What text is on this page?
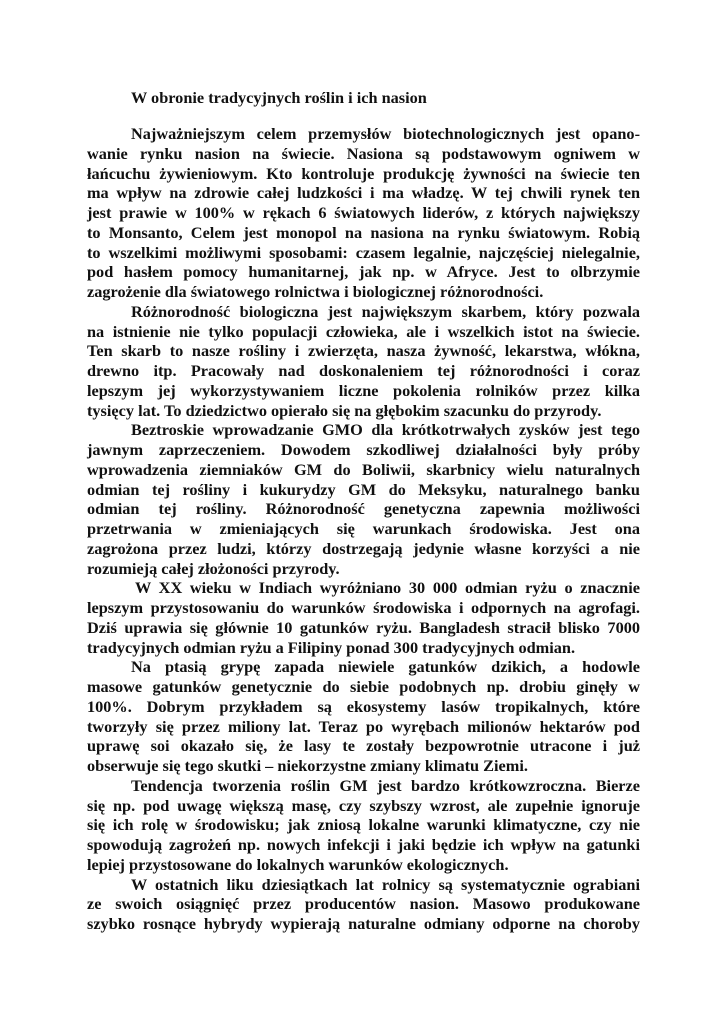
W obronie tradycyjnych roślin i ich nasion

Najważniejszym celem przemysłów biotechnologicznych jest opano-
wanie rynku nasion na świecie. Nasiona są podstawowym ogniwem w
łańcuchu żywieniowym. Kto kontroluje produkcję żywności na świecie ten
ma wpływ na zdrowie całej ludzkości i ma władzę. W tej chwili rynek ten
jest prawie w 100% w rękach 6 światowych liderów, z których największy
to Monsanto, Celem jest monopol na nasiona na rynku światowym. Robią
to wszelkimi możliwymi sposobami: czasem legalnie, najczęściej nielegalnie,
pod hasłem pomocy humanitarnej, jak np. w Afryce. Jest to olbrzymie
zagrożenie dla światowego rolnictwa i biologicznej różnorodności.

Różnorodność biologiczna jest największym skarbem, który pozwala
na istnienie nie tylko populacji człowieka, ale i wszelkich istot na świecie.
Ten skarb to nasze rośliny i zwierzęta, nasza żywność, lekarstwa, włókna,
drewno itp. Pracowały nad doskonaleniem tej różnorodności i coraz
lepszym jej wykorzystywaniem liczne pokolenia rolników przez kilka
tysięcy lat. To dziedzictwo opierało się na głębokim szacunku do przyrody.

Beztroskie wprowadzanie GMO dla krótkotrwałych zysków jest tego
jawnym zaprzeczeniem. Dowodem szkodliwej działalności były próby
wprowadzenia ziemniaków GM do Boliwii, skarbnicy wielu naturalnych
odmian tej rośliny i kukurydzy GM do Meksyku, naturalnego banku
odmian tej rośliny. Różnorodność genetyczna zapewnia możliwości
przetrwania w zmieniających się warunkach środowiska. Jest ona
zagrożona przez ludzi, którzy dostrzegają jedynie własne korzyści a nie
rozumieją całej złożoności przyrody.

W XX wieku w Indiach wyróżniano 30 000 odmian ryżu o znacznie
lepszym przystosowaniu do warunków środowiska i odpornych na agrofagi.
Dziś uprawia się głównie 10 gatunków ryżu. Bangladesh stracił blisko 7000
tradycyjnych odmian ryżu a Filipiny ponad 300 tradycyjnych odmian.

Na ptasią grypę zapada niewiele gatunków dzikich, a hodowle
masowe gatunków genetycznie do siebie podobnych np. drobiu ginęły w
100%. Dobrym przykładem są ekosystemy lasów tropikalnych, które
tworzyły się przez miliony lat. Teraz po wyrębach milionów hektarów pod
uprawę soi okazało się, że lasy te zostały bezpowrotnie utracone i już
obserwuje się tego skutki – niekorzystne zmiany klimatu Ziemi.

Tendencja tworzenia roślin GM jest bardzo krótkowzroczna. Bierze
się np. pod uwagę większą masę, czy szybszy wzrost, ale zupełnie ignoruje
się ich rolę w środowisku; jak zniosą lokalne warunki klimatyczne, czy nie
spowodują zagrożeń np. nowych infekcji i jaki będzie ich wpływ na gatunki
lepiej przystosowane do lokalnych warunków ekologicznych.

W ostatnich liku dziesiątkach lat rolnicy są systematycznie ograbiani
ze swoich osiągnięć przez producentów nasion. Masowo produkowane
szybko rosnące hybrydy wypierają naturalne odmiany odporne na choroby
